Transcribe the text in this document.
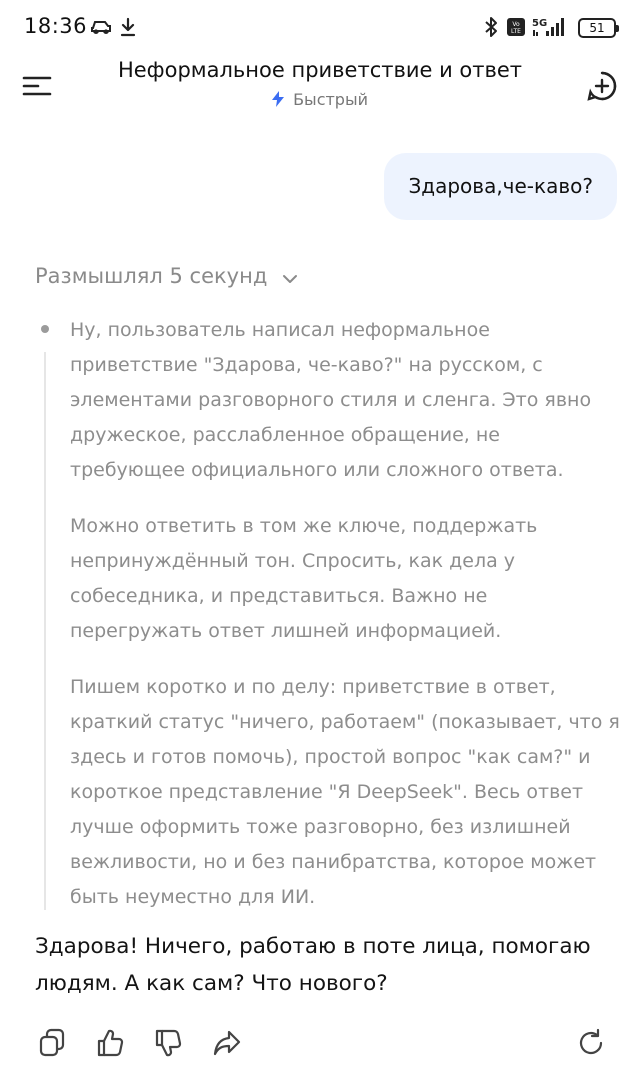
18:36	Vo
LTE
5G	51
Неформальное приветствие и ответ
Быстрый
Здарова,че-каво?
Размышлял 5 секунд

Ну, пользователь написал неформальное приветствие "Здарова, че-каво?" на русском, с элементами разговорного стиля и сленга. Это явно дружеское, расслабленное обращение, не требующее официального или сложного ответа.

Можно ответить в том же ключе, поддержать непринуждённый тон. Спросить, как дела у собеседника, и представиться. Важно не перегружать ответ лишней информацией.

Пишем коротко и по делу: приветствие в ответ, краткий статус "ничего, работаем" (показывает, что я здесь и готов помочь), простой вопрос "как сам?" и короткое представление "Я DeepSeek". Весь ответ лучше оформить тоже разговорно, без излишней вежливости, но и без панибратства, которое может быть неуместно для ИИ.

Здарова! Ничего, работаю в поте лица, помогаю людям. А как сам? Что нового?
